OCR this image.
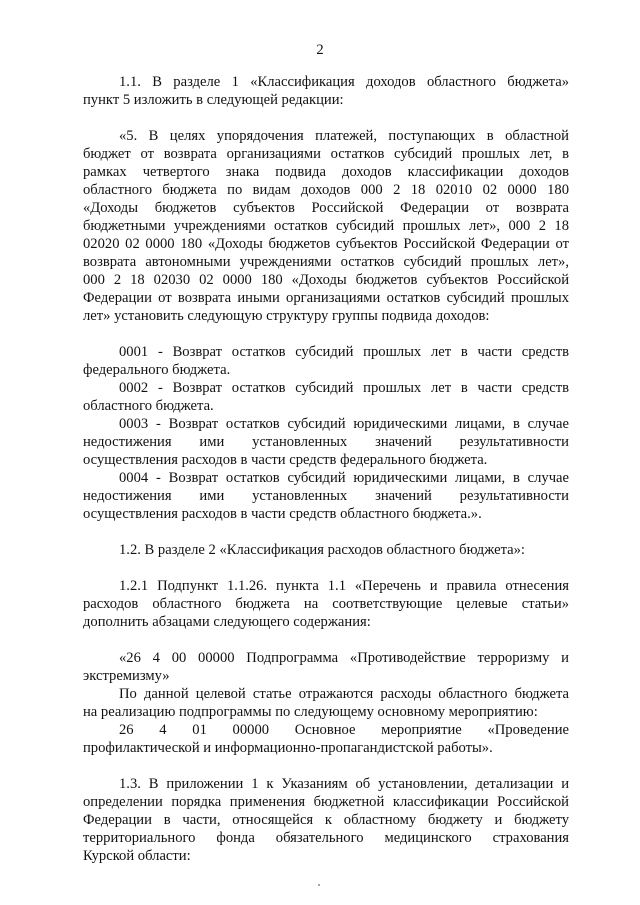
2
1.1. В разделе 1 «Классификация доходов областного бюджета»
пункт 5 изложить в следующей редакции:
«5. В целях упорядочения платежей, поступающих в областной
бюджет от возврата организациями остатков субсидий прошлых лет, в
рамках четвертого знака подвида доходов классификации доходов
областного бюджета по видам доходов 000 2 18 02010 02 0000 180
«Доходы бюджетов субъектов Российской Федерации от возврата
бюджетными учреждениями остатков субсидий прошлых лет», 000 2 18
02020 02 0000 180 «Доходы бюджетов субъектов Российской Федерации от
возврата автономными учреждениями остатков субсидий прошлых лет»,
000 2 18 02030 02 0000 180 «Доходы бюджетов субъектов Российской
Федерации от возврата иными организациями остатков субсидий прошлых
лет» установить следующую структуру группы подвида доходов:
0001 - Возврат остатков субсидий прошлых лет в части средств
федерального бюджета.
0002 - Возврат остатков субсидий прошлых лет в части средств
областного бюджета.
0003 - Возврат остатков субсидий юридическими лицами, в случае
недостижения ими установленных значений результативности
осуществления расходов в части средств федерального бюджета.
0004 - Возврат остатков субсидий юридическими лицами, в случае
недостижения ими установленных значений результативности
осуществления расходов в части средств областного бюджета.».
1.2. В разделе 2 «Классификация расходов областного бюджета»:
1.2.1 Подпункт 1.1.26. пункта 1.1 «Перечень и правила отнесения
расходов областного бюджета на соответствующие целевые статьи»
дополнить абзацами следующего содержания:
«26 4 00 00000 Подпрограмма «Противодействие терроризму и
экстремизму»
По данной целевой статье отражаются расходы областного бюджета
на реализацию подпрограммы по следующему основному мероприятию:
26 4 01 00000 Основное мероприятие «Проведение
профилактической и информационно-пропагандистской работы».
1.3. В приложении 1 к Указаниям об установлении, детализации и
определении порядка применения бюджетной классификации Российской
Федерации в части, относящейся к областному бюджету и бюджету
территориального фонда обязательного медицинского страхования
Курской области:
